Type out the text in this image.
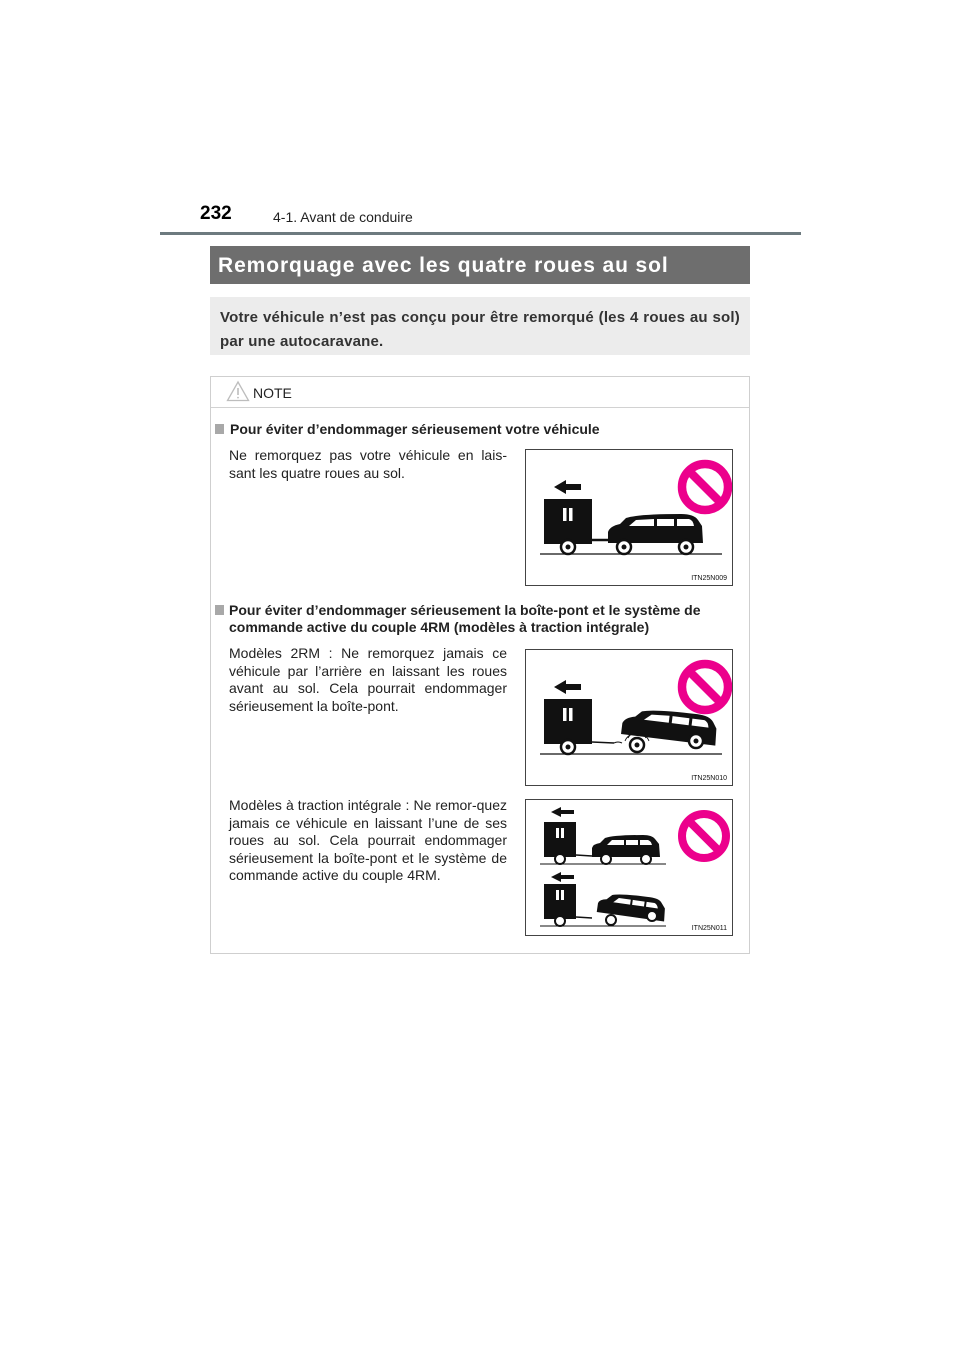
232	4-1. Avant de conduire
Remorquage avec les quatre roues au sol
Votre véhicule n’est pas conçu pour être remorqué (les 4 roues au sol) par une autocaravane.
NOTE
Pour éviter d’endommager sérieusement votre véhicule
Ne remorquez pas votre véhicule en lais-sant les quatre roues au sol.
ITN25N009
Pour éviter d’endommager sérieusement la boîte-pont et le système de commande active du couple 4RM (modèles à traction intégrale)
Modèles 2RM : Ne remorquez jamais ce véhicule par l’arrière en laissant les roues avant au sol. Cela pourrait endommager sérieusement la boîte-pont.
ITN25N010
Modèles à traction intégrale : Ne remor-quez jamais ce véhicule en laissant l’une de ses roues au sol. Cela pourrait endommager sérieusement la boîte-pont et le système de commande active du couple 4RM.
ITN25N011
